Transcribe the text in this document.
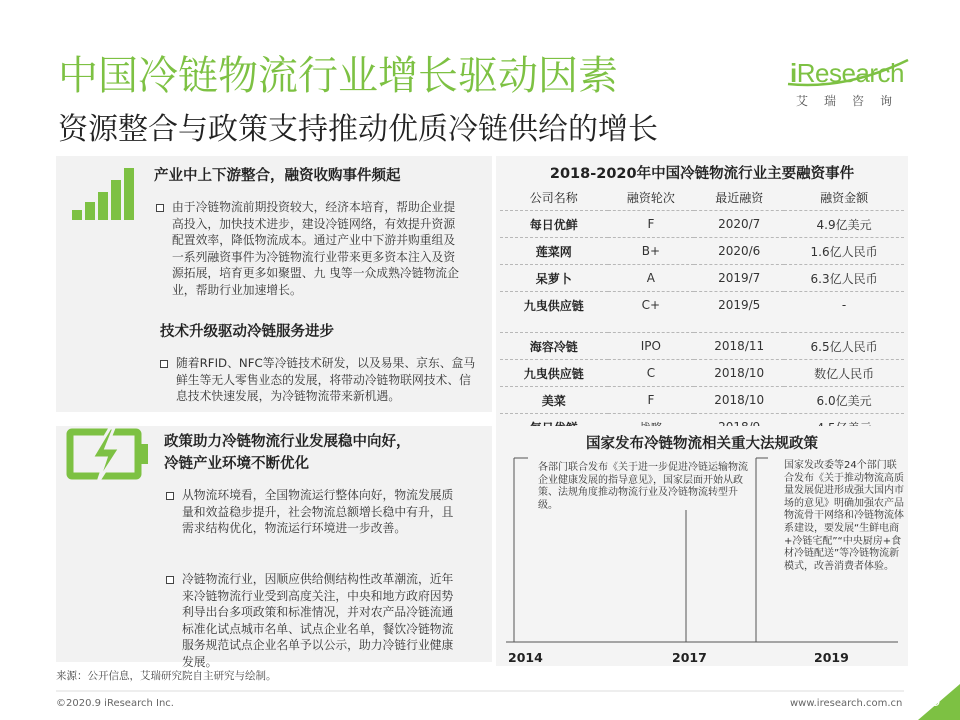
中国冷链物流行业增长驱动因素
资源整合与政策支持推动优质冷链供给的增长
iResearch
艾瑞咨询
产业中上下游整合，融资收购事件频起
由于冷链物流前期投资较大，经济本培育，帮助企业提高投入，加快技术进步，建设冷链网络，有效提升资源配置效率，降低物流成本。通过产业中下游并购重组及一系列融资事件为冷链物流行业带来更多资本注入及资源拓展，培育更多如聚盟、九 曳等一众成熟冷链物流企业，帮助行业加速增长。
技术升级驱动冷链服务进步
随着RFID、NFC等冷链技术研发，以及易果、京东、盒马鲜生等无人零售业态的发展，将带动冷链物联网技术、信息技术快速发展，为冷链物流带来新机遇。
政策助力冷链物流行业发展稳中向好，
冷链产业环境不断优化
从物流环境看，全国物流运行整体向好，物流发展质量和效益稳步提升，社会物流总额增长稳中有升，且需求结构优化，物流运行环境进一步改善。
冷链物流行业，因顺应供给侧结构性改革潮流，近年来冷链物流行业受到高度关注，中央和地方政府因势利导出台多项政策和标准情况，并对农产品冷链流通标准化试点城市名单、试点企业名单，餐饮冷链物流服务规范试点企业名单予以公示，助力冷链行业健康发展。
2018-2020年中国冷链物流行业主要融资事件
公司名称	融资轮次	最近融资	融资金额
每日优鲜	F	2020/7	4.9亿美元
莲菜网	B+	2020/6	1.6亿人民币
呆萝卜	A	2019/7	6.3亿人民币
九曳供应链	C+	2019/5	-

海容冷链	IPO	2018/11	6.5亿人民币
九曳供应链	C	2018/10	数亿人民币
美菜	F	2018/10	6.0亿美元

国家发布冷链物流相关重大法规政策
各部门联合发布《关于进一步促进冷链运输物流企业健康发展的指导意见》，国家层面开始从政策、法规角度推动物流行业及冷链物流转型升级。
国家发改委等24个部门联合发布《关于推动物流高质量发展促进形成强大国内市场的意见》明确加强农产品物流骨干网络和冷链物流体系建设，要发展“生鲜电商+冷链宅配”“中央厨房+食材冷链配送”等冷链物流新模式，改善消费者体验。
2014	2017	2019
来源：公开信息，艾瑞研究院自主研究与绘制。
©2020.9 iResearch Inc.	www.iresearch.com.cn 29
